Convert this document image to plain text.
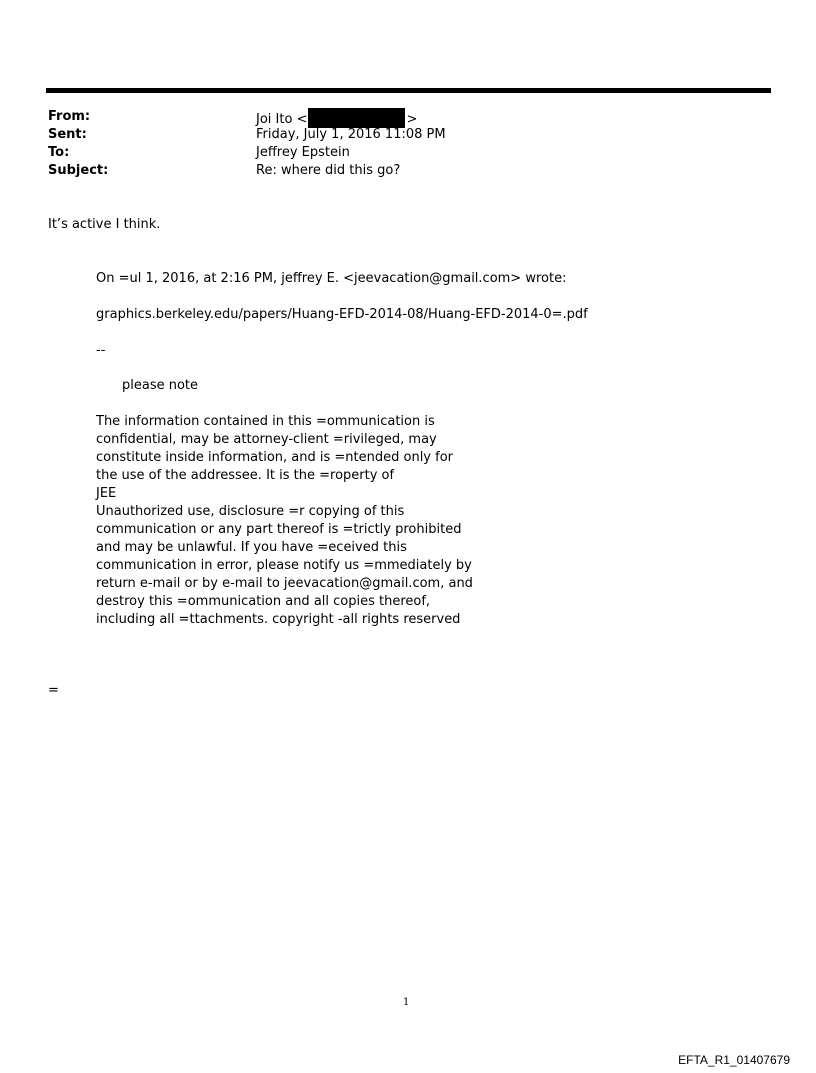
From:	Joi Ito <	>
Sent:	Friday, July 1, 2016 11:08 PM
To:	Jeffrey Epstein
Subject:	Re: where did this go?
It’s active I think.
On =ul 1, 2016, at 2:16 PM, jeffrey E. <jeevacation@gmail.com> wrote:
graphics.berkeley.edu/papers/Huang-EFD-2014-08/Huang-EFD-2014-0=.pdf
--
please note
The information contained in this =ommunication is
confidential, may be attorney-client =rivileged, may
constitute inside information, and is =ntended only for
the use of the addressee. It is the =roperty of
JEE
Unauthorized use, disclosure =r copying of this
communication or any part thereof is =trictly prohibited
and may be unlawful. If you have =eceived this
communication in error, please notify us =mmediately by
return e-mail or by e-mail to jeevacation@gmail.com, and
destroy this =ommunication and all copies thereof,
including all =ttachments. copyright -all rights reserved
=
1
EFTA_R1_01407679
